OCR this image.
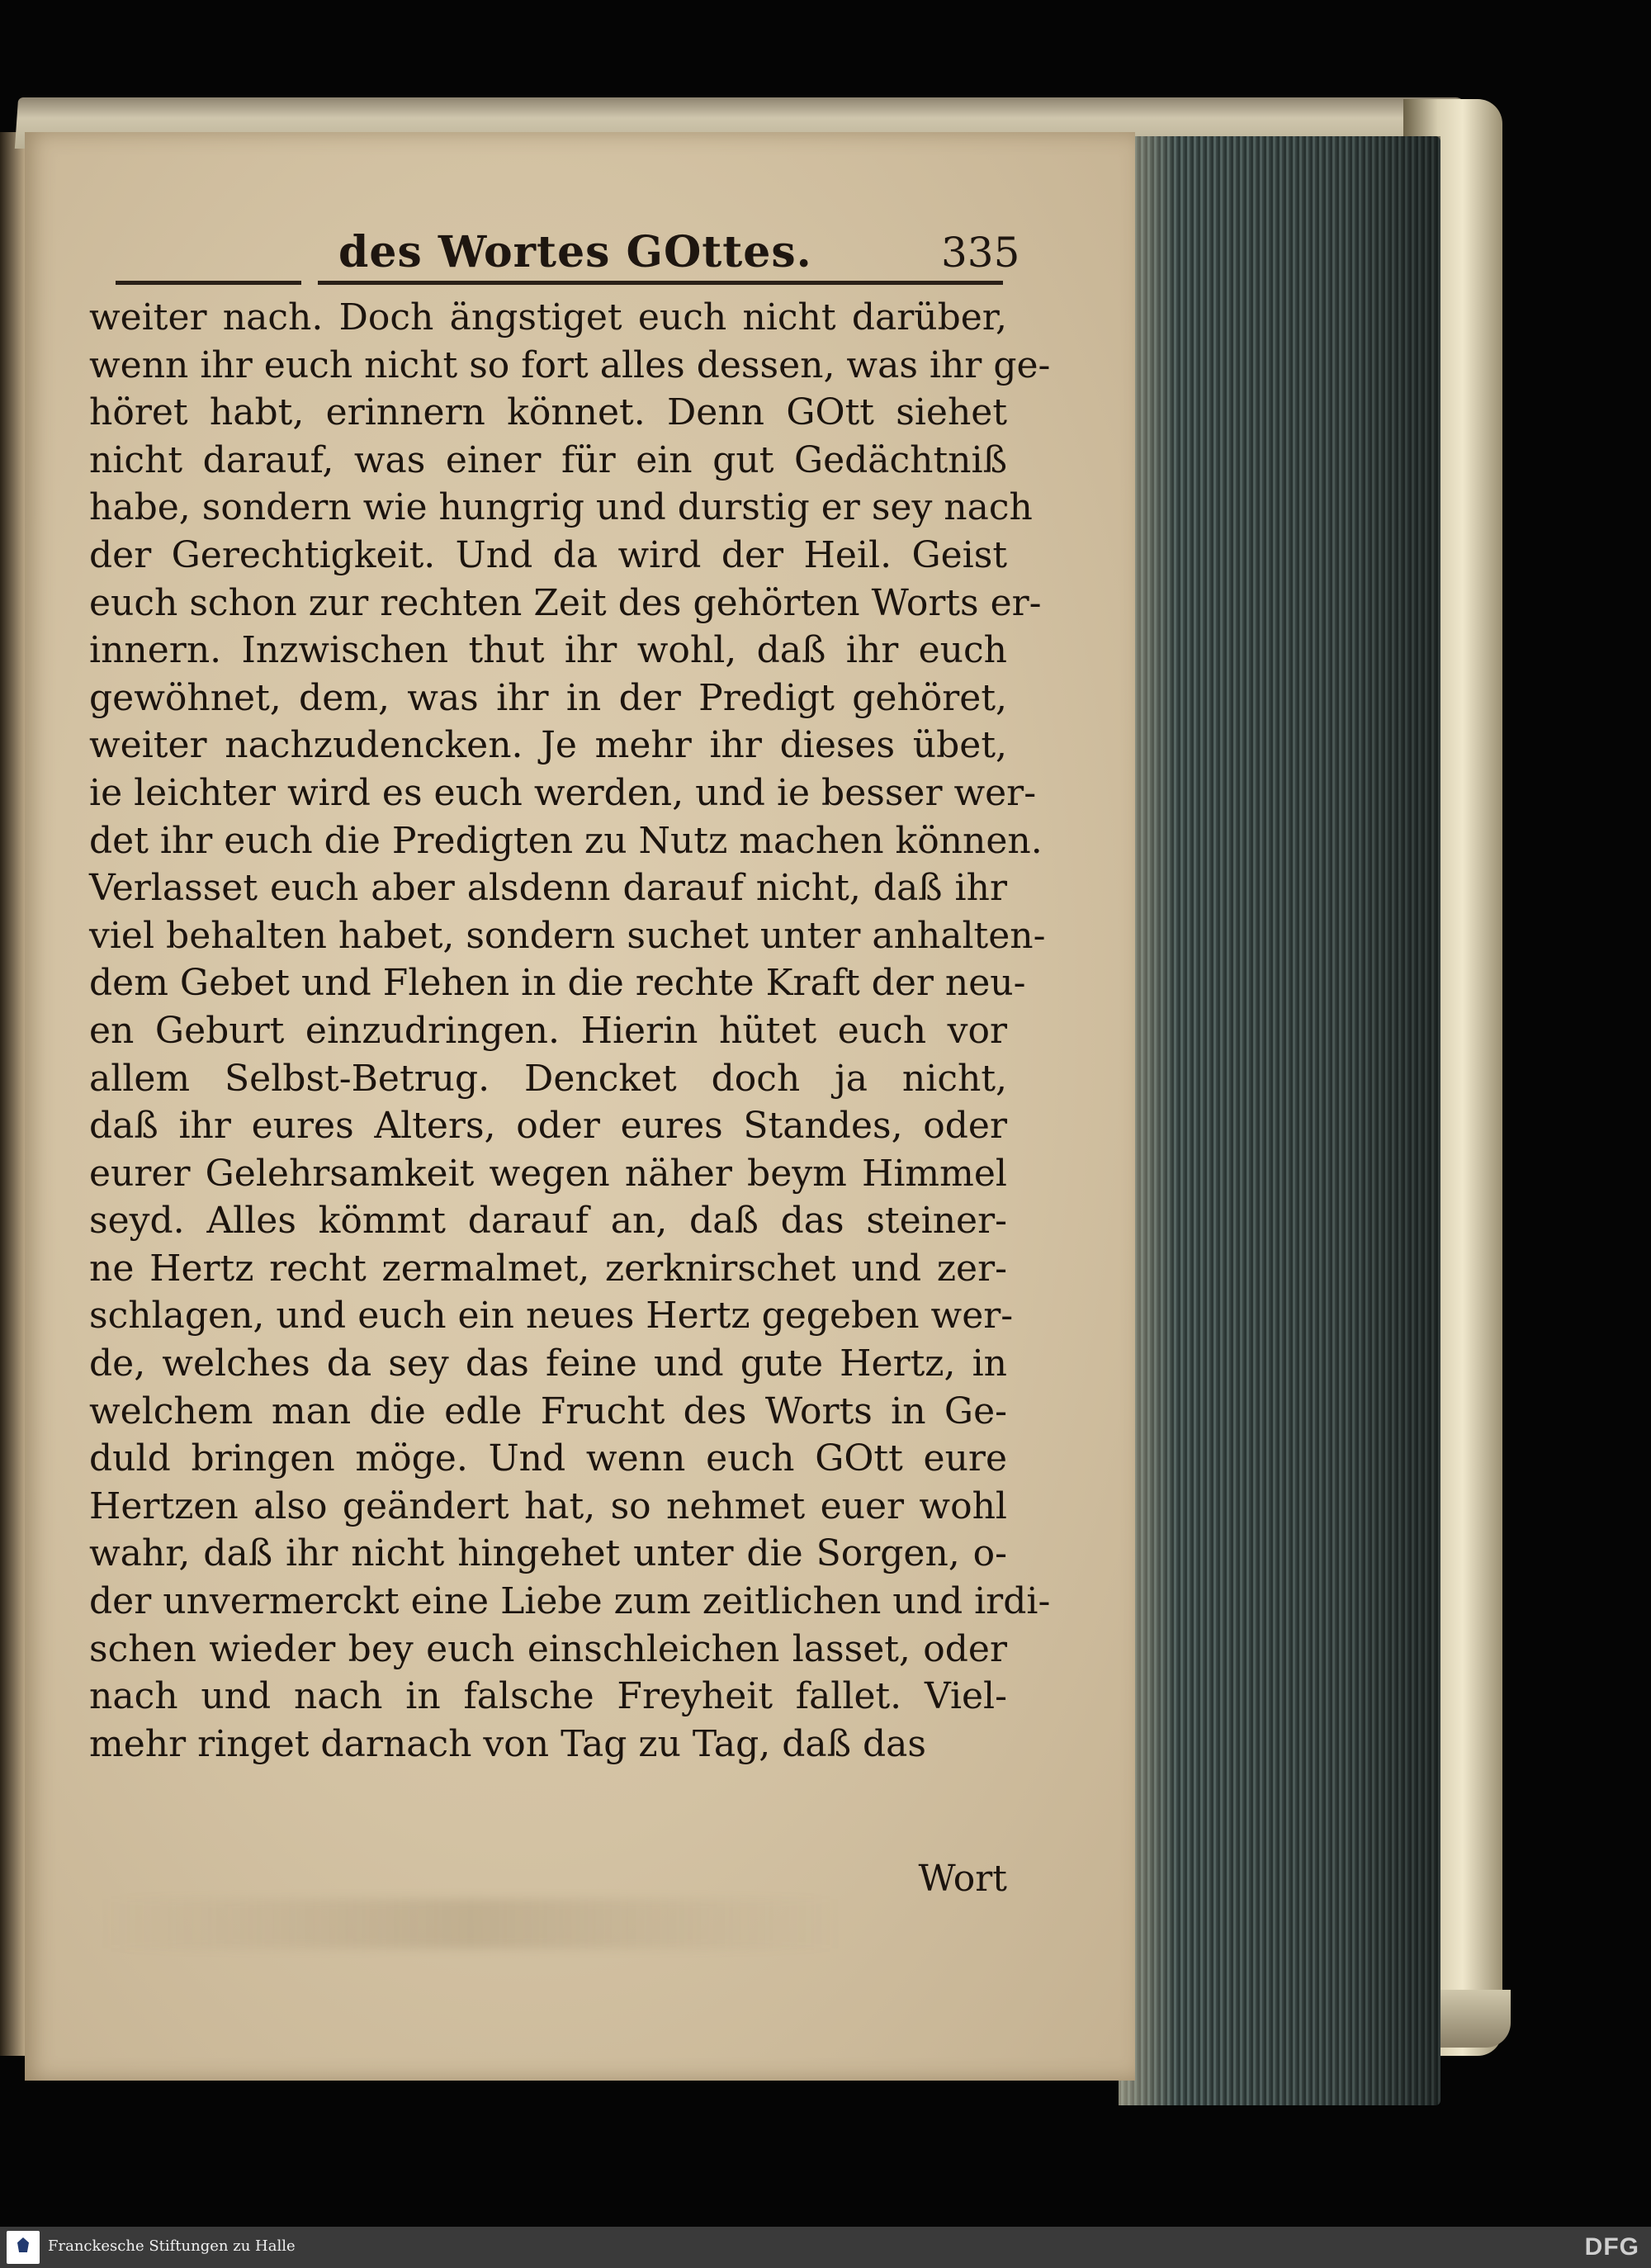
des Wortes GOttes.	335
weiter nach. Doch ängstiget euch nicht darüber,
wenn ihr euch nicht so fort alles dessen, was ihr ge-
höret habt, erinnern könnet. Denn GOtt siehet
nicht darauf, was einer für ein gut Gedächtniß
habe, sondern wie hungrig und durstig er sey nach
der Gerechtigkeit. Und da wird der Heil. Geist
euch schon zur rechten Zeit des gehörten Worts er-
innern. Inzwischen thut ihr wohl, daß ihr euch
gewöhnet, dem, was ihr in der Predigt gehöret,
weiter nachzudencken. Je mehr ihr dieses übet,
ie leichter wird es euch werden, und ie besser wer-
det ihr euch die Predigten zu Nutz machen können.
Verlasset euch aber alsdenn darauf nicht, daß ihr
viel behalten habet, sondern suchet unter anhalten-
dem Gebet und Flehen in die rechte Kraft der neu-
en Geburt einzudringen. Hierin hütet euch vor
allem Selbst-Betrug. Dencket doch ja nicht,
daß ihr eures Alters, oder eures Standes, oder
eurer Gelehrsamkeit wegen näher beym Himmel
seyd. Alles kömmt darauf an, daß das steiner-
ne Hertz recht zermalmet, zerknirschet und zer-
schlagen, und euch ein neues Hertz gegeben wer-
de, welches da sey das feine und gute Hertz, in
welchem man die edle Frucht des Worts in Ge-
duld bringen möge. Und wenn euch GOtt eure
Hertzen also geändert hat, so nehmet euer wohl
wahr, daß ihr nicht hingehet unter die Sorgen, o-
der unvermerckt eine Liebe zum zeitlichen und irdi-
schen wieder bey euch einschleichen lasset, oder
nach und nach in falsche Freyheit fallet. Viel-
mehr ringet darnach von Tag zu Tag, daß das
Wort
Franckesche Stiftungen zu Halle	DFG
